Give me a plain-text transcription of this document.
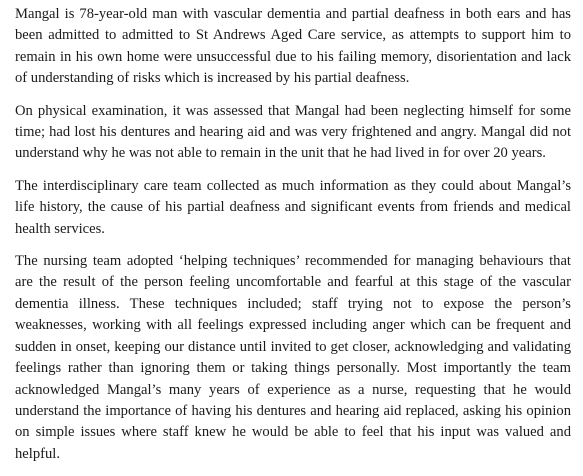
Mangal is 78-year-old man with vascular dementia and partial deafness in both ears and has been admitted to admitted to St Andrews Aged Care service, as attempts to support him to remain in his own home were unsuccessful due to his failing memory, disorientation and lack of understanding of risks which is increased by his partial deafness.

On physical examination, it was assessed that Mangal had been neglecting himself for some time; had lost his dentures and hearing aid and was very frightened and angry. Mangal did not understand why he was not able to remain in the unit that he had lived in for over 20 years.

The interdisciplinary care team collected as much information as they could about Mangal’s life history, the cause of his partial deafness and significant events from friends and medical health services.

The nursing team adopted ‘helping techniques’ recommended for managing behaviours that are the result of the person feeling uncomfortable and fearful at this stage of the vascular dementia illness. These techniques included; staff trying not to expose the person’s weaknesses, working with all feelings expressed including anger which can be frequent and sudden in onset, keeping our distance until invited to get closer, acknowledging and validating feelings rather than ignoring them or taking things personally. Most importantly the team acknowledged Mangal’s many years of experience as a nurse, requesting that he would understand the importance of having his dentures and hearing aid replaced, asking his opinion on simple issues where staff knew he would be able to feel that his input was valued and helpful.
